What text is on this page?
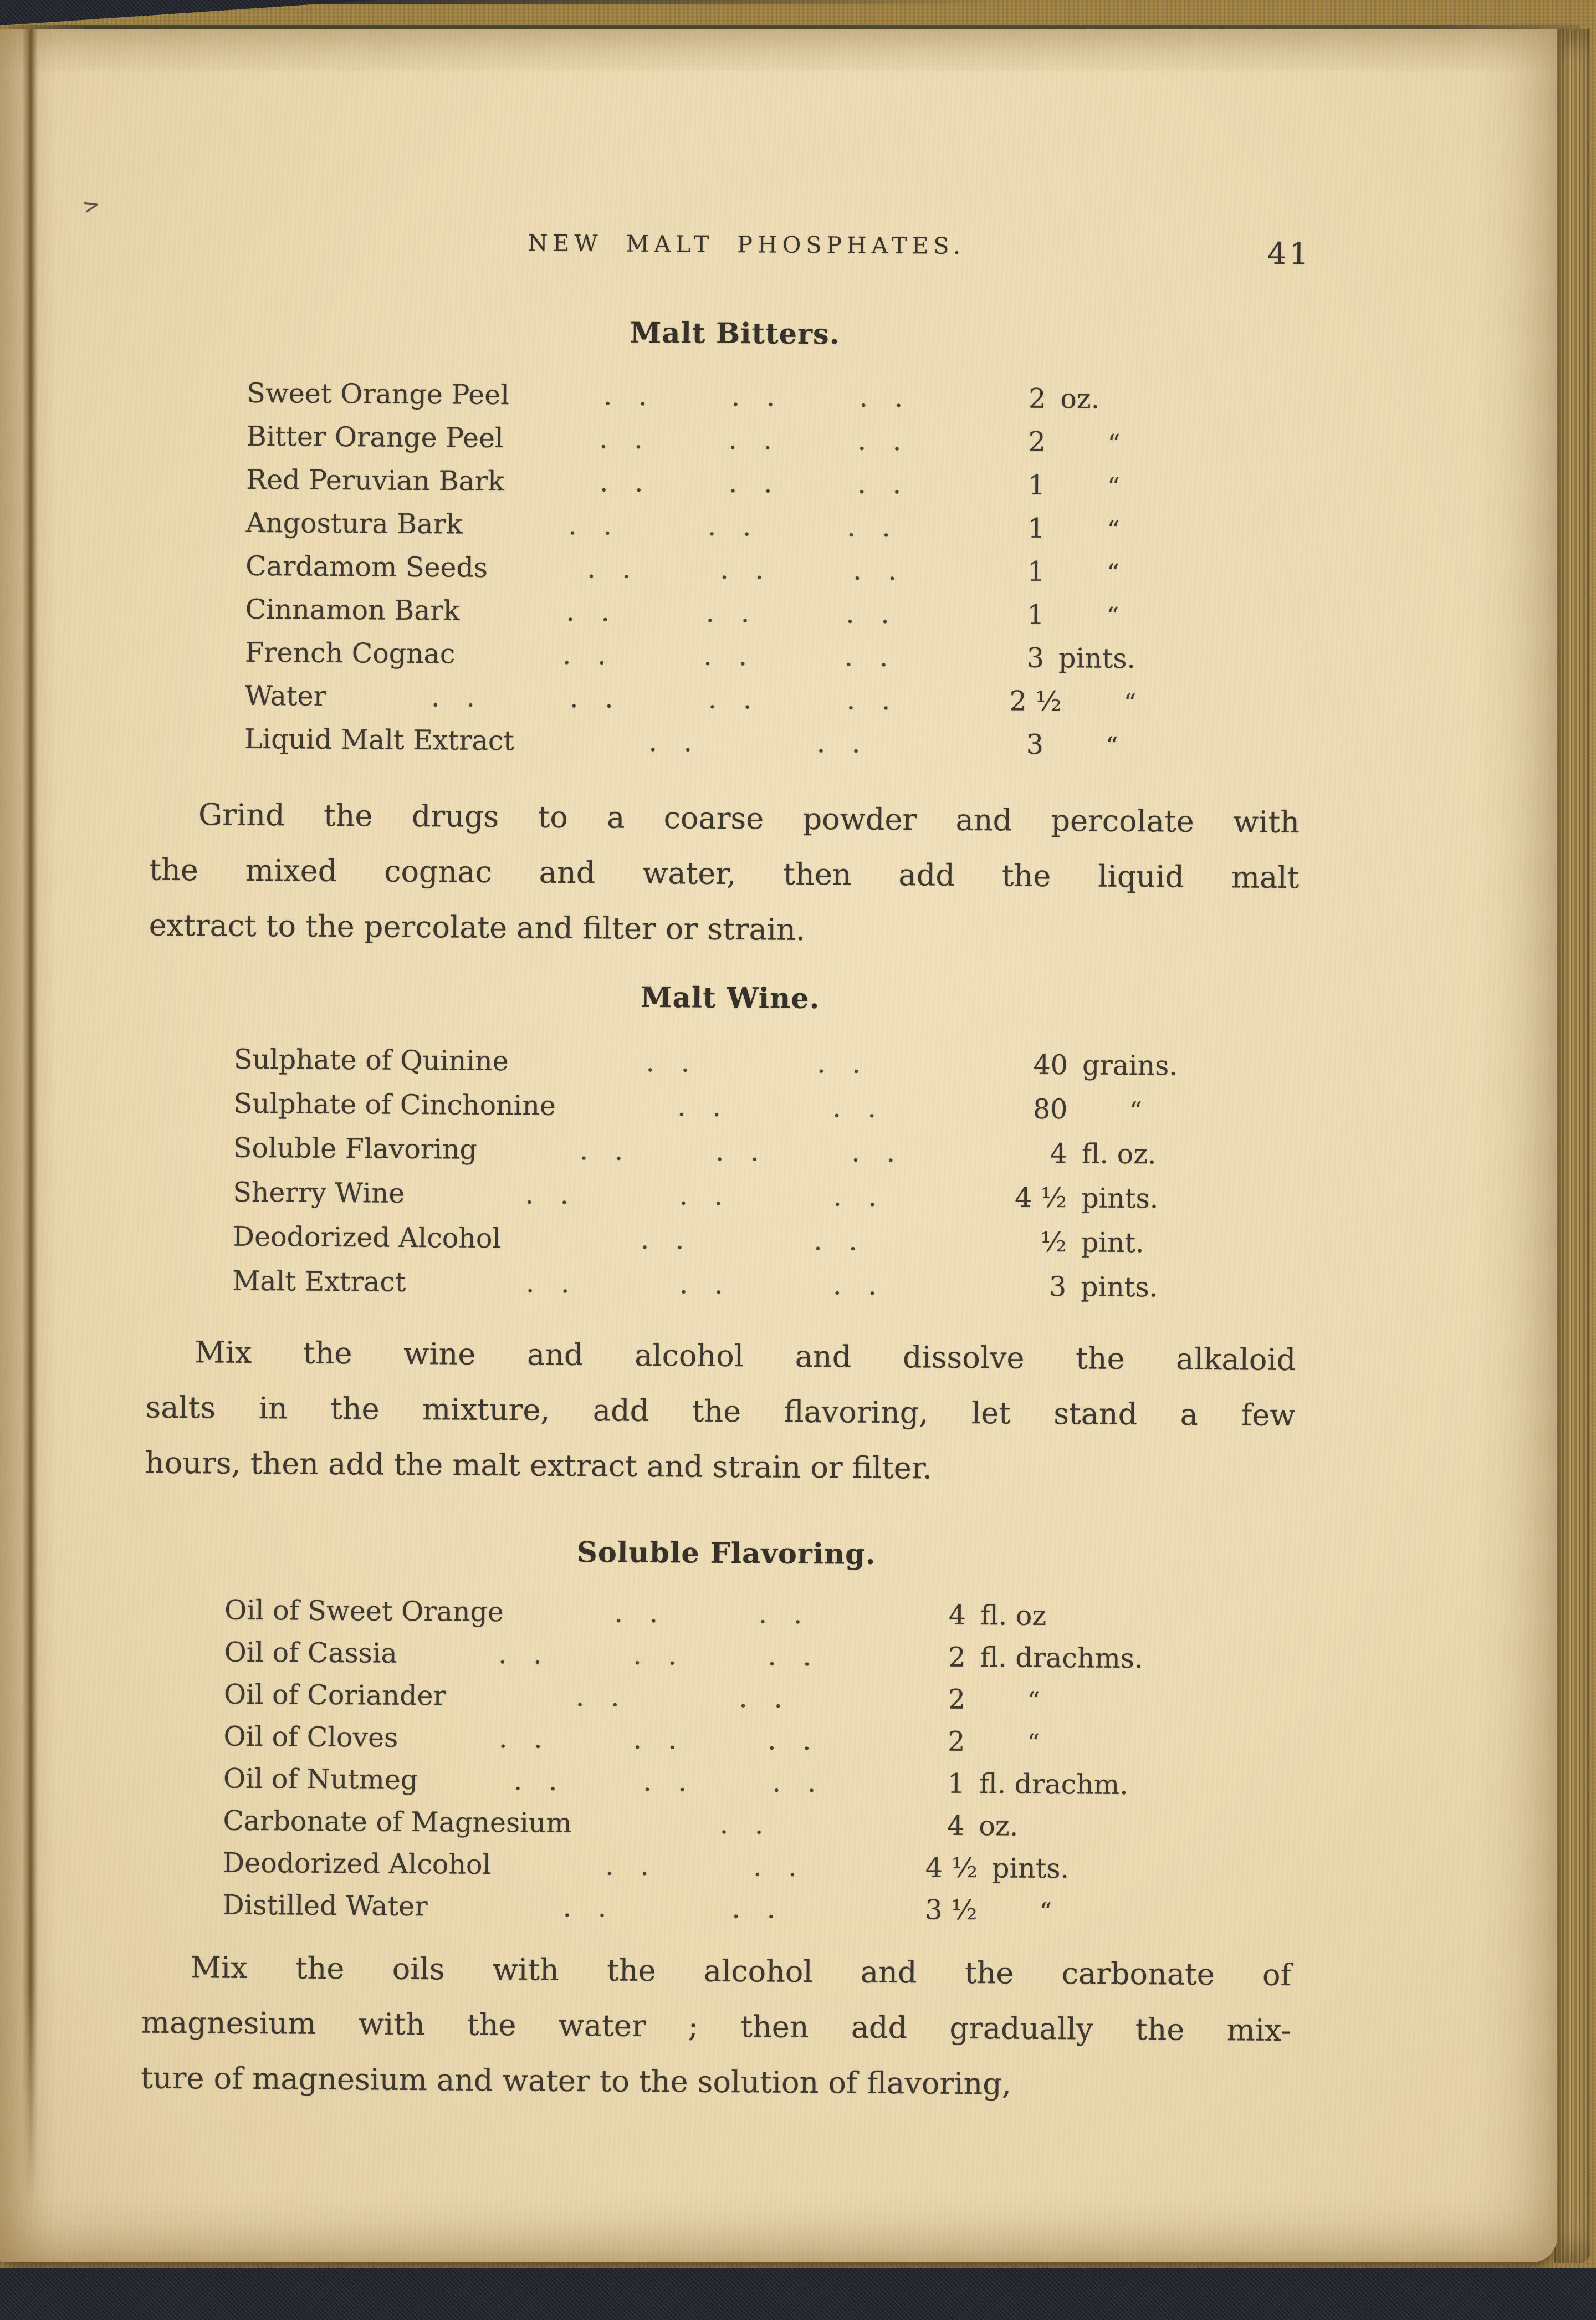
>
NEW MALT PHOSPHATES.	41
Malt Bitters.
Sweet Orange Peel	. .	. .	. .	2 oz.
Bitter Orange Peel	. .	. .	. .	2	“
Red Peruvian Bark	. .	. .	. .	1	“
Angostura Bark	. .	. .	. .	1	“
Cardamom Seeds	. .	. .	. .	1	“
Cinnamon Bark	. .	. .	. .	1	“
French Cognac	. .	. .	. .	3 pints.
Water	. .	. .	. .	. .	2 ½	“
Liquid Malt Extract	. .	. .	3	“
Grind the drugs to a coarse powder and percolate with
the mixed cognac and water, then add the liquid malt
extract to the percolate and filter or strain.
Malt Wine.
Sulphate of Quinine	. .	. .	40 grains.
Sulphate of Cinchonine	. .	. .	80	“
Soluble Flavoring	. .	. .	. .	4 fl. oz.
Sherry Wine	. .	. .	. .	4 ½ pints.
Deodorized Alcohol	. .	. .	½ pint.
Malt Extract	. .	. .	. .	3 pints.
Mix the wine and alcohol and dissolve the alkaloid
salts in the mixture, add the flavoring, let stand a few
hours, then add the malt extract and strain or filter.
Soluble Flavoring.
Oil of Sweet Orange	. .	. .	4 fl. oz
Oil of Cassia	. .	. .	. .	2 fl. drachms.
Oil of Coriander	. .	. .	2	“
Oil of Cloves	. .	. .	. .	2	“
Oil of Nutmeg	. .	. .	. .	1 fl. drachm.
Carbonate of Magnesium	. .	4 oz.
Deodorized Alcohol	. .	. .	4 ½ pints.
Distilled Water	. .	. .	3 ½	“
Mix the oils with the alcohol and the carbonate of
magnesium with the water ; then add gradually the mix-
ture of magnesium and water to the solution of flavoring,
